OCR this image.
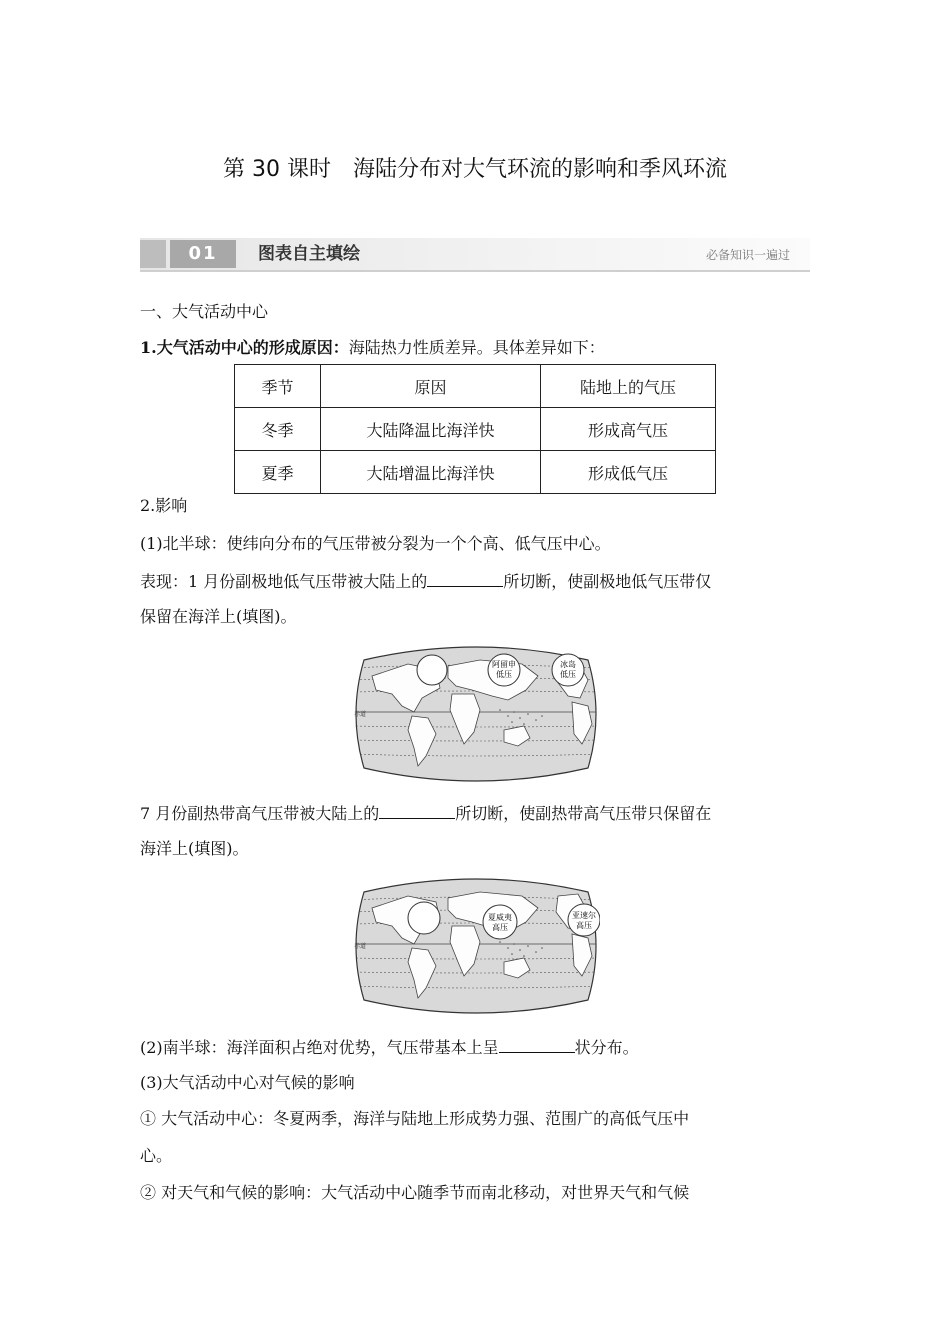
第 30 课时　海陆分布对大气环流的影响和季风环流
01	图表自主填绘	必备知识一遍过
一、大气活动中心
1.大气活动中心的形成原因：海陆热力性质差异。具体差异如下：
季节	原因	陆地上的气压
冬季	大陆降温比海洋快	形成高气压
夏季	大陆增温比海洋快	形成低气压
2.影响
(1)北半球：使纬向分布的气压带被分裂为一个个高、低气压中心。
表现：1 月份副极地低气压带被大陆上的	所切断，使副极地低气压带仅
保留在海洋上(填图)。
赤道
阿留申
低压
冰岛
低压
7 月份副热带高气压带被大陆上的	所切断，使副热带高气压带只保留在
海洋上(填图)。
赤道
夏威夷
高压
亚速尔
高压
(2)南半球：海洋面积占绝对优势，气压带基本上呈	状分布。
(3)大气活动中心对气候的影响
① 大气活动中心：冬夏两季，海洋与陆地上形成势力强、范围广的高低气压中
心。
② 对天气和气候的影响：大气活动中心随季节而南北移动，对世界天气和气候
